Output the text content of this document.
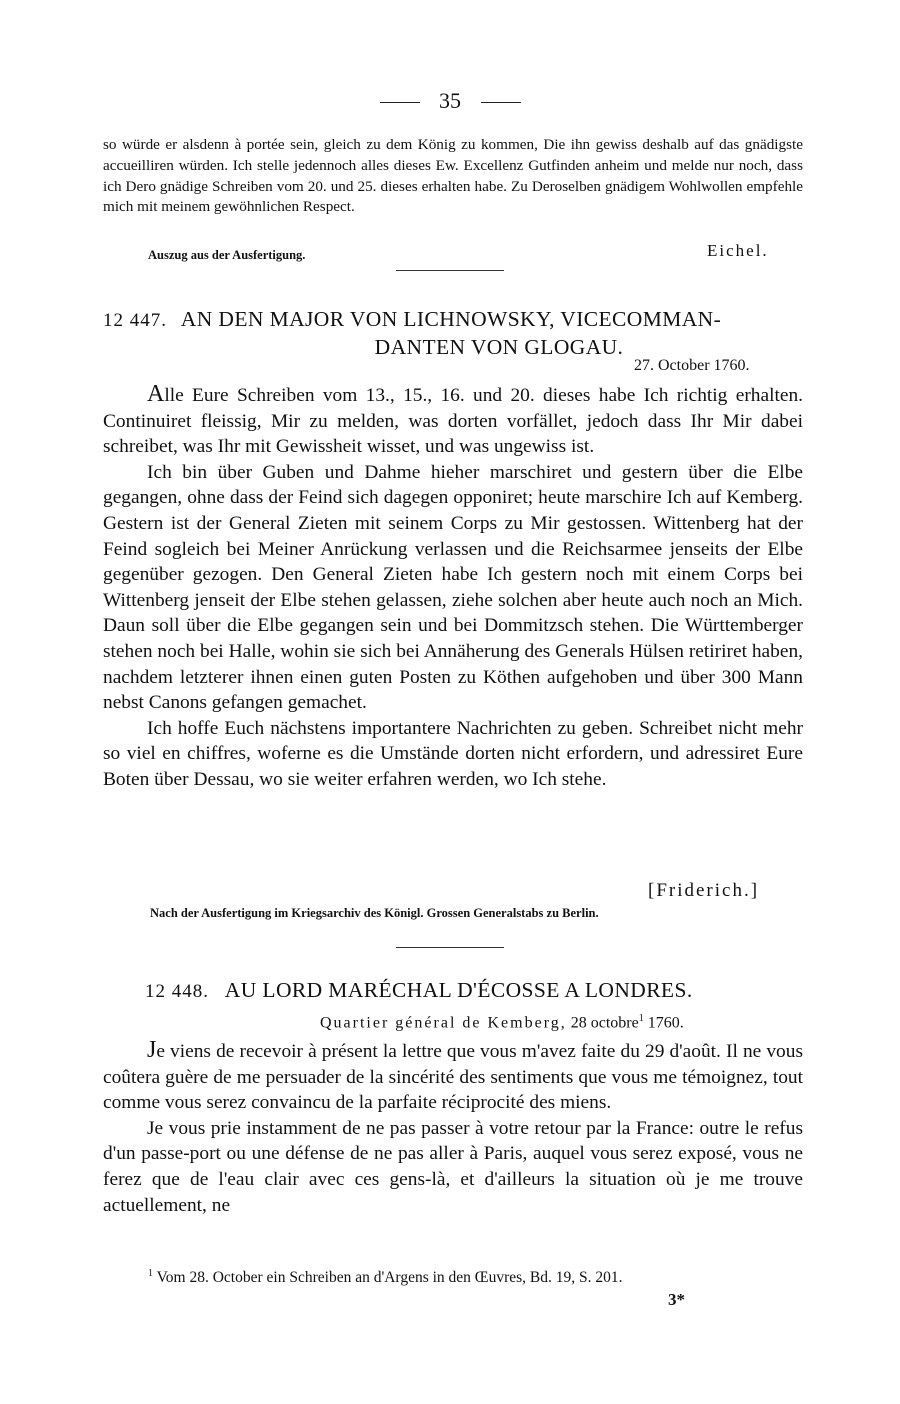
35

so würde er alsdenn à portée sein, gleich zu dem König zu kommen, Die ihn gewiss deshalb auf das gnädigste accueilliren würden. Ich stelle jedennoch alles dieses Ew. Excellenz Gutfinden anheim und melde nur noch, dass ich Dero gnädige Schreiben vom 20. und 25. dieses erhalten habe. Zu Deroselben gnädigem Wohlwollen empfehle mich mit meinem gewöhnlichen Respect.

Auszug aus der Ausfertigung.	Eichel.
12 447. AN DEN MAJOR VON LICHNOWSKY, VICECOMMAN-
DANTEN VON GLOGAU.
27. October 1760.

Alle Eure Schreiben vom 13., 15., 16. und 20. dieses habe Ich richtig erhalten. Continuiret fleissig, Mir zu melden, was dorten vorfället, jedoch dass Ihr Mir dabei schreibet, was Ihr mit Gewissheit wisset, und was ungewiss ist.

Ich bin über Guben und Dahme hieher marschiret und gestern über die Elbe gegangen, ohne dass der Feind sich dagegen opponiret; heute marschire Ich auf Kemberg. Gestern ist der General Zieten mit seinem Corps zu Mir gestossen. Wittenberg hat der Feind sogleich bei Meiner Anrückung verlassen und die Reichsarmee jenseits der Elbe gegenüber gezogen. Den General Zieten habe Ich gestern noch mit einem Corps bei Wittenberg jenseit der Elbe stehen gelassen, ziehe solchen aber heute auch noch an Mich. Daun soll über die Elbe gegangen sein und bei Dommitzsch stehen. Die Württemberger stehen noch bei Halle, wohin sie sich bei Annäherung des Generals Hülsen retiriret haben, nachdem letzterer ihnen einen guten Posten zu Köthen aufgehoben und über 300 Mann nebst Canons gefangen gemachet.

Ich hoffe Euch nächstens importantere Nachrichten zu geben. Schreibet nicht mehr so viel en chiffres, woferne es die Umstände dorten nicht erfordern, und adressiret Eure Boten über Dessau, wo sie weiter erfahren werden, wo Ich stehe.

[Friderich.]
Nach der Ausfertigung im Kriegsarchiv des Königl. Grossen Generalstabs zu Berlin.
12 448. AU LORD MARÉCHAL D'ÉCOSSE A LONDRES.
Quartier général de Kemberg, 28 octobre$^1$ 1760.

Je viens de recevoir à présent la lettre que vous m'avez faite du 29 d'août. Il ne vous coûtera guère de me persuader de la sincérité des sentiments que vous me témoignez, tout comme vous serez convaincu de la parfaite réciprocité des miens.

Je vous prie instamment de ne pas passer à votre retour par la France: outre le refus d'un passe-port ou une défense de ne pas aller à Paris, auquel vous serez exposé, vous ne ferez que de l'eau clair avec ces gens-là, et d'ailleurs la situation où je me trouve actuellement, ne

$^1$ Vom 28. October ein Schreiben an d'Argens in den Œuvres, Bd. 19, S. 201.
3*
